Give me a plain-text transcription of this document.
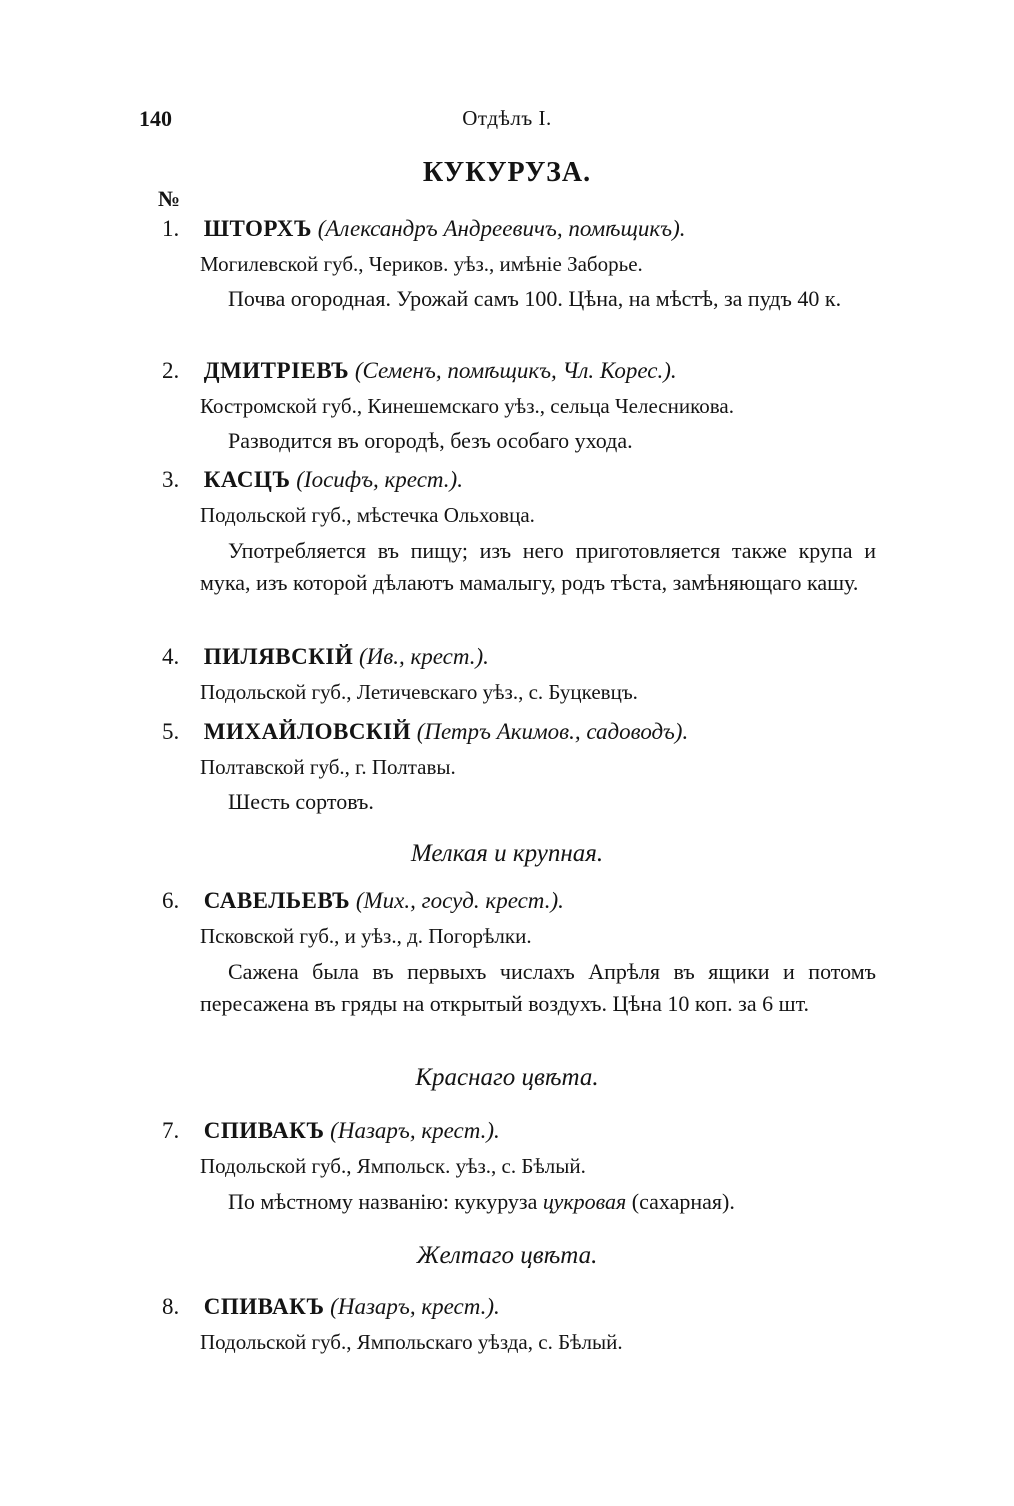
140	Отдѣлъ I.
КУКУРУЗА.
№
1. ШТОРХЪ (Александръ Андреевичъ, помѣщикъ).
Могилевской губ., Чериков. уѣз., имѣніе Заборье.

Почва огородная. Урожай самъ 100. Цѣна, на мѣстѣ, за пудъ 40 к.

2. ДМИТРІЕВЪ (Семенъ, помѣщикъ, Чл. Корес.).
Костромской губ., Кинешемскаго уѣз., сельца Челесникова.

Разводится въ огородѣ, безъ особаго ухода.

3. КАСЦЪ (Іосифъ, крест.).
Подольской губ., мѣстечка Ольховца.

Употребляется въ пищу; изъ него приготовляется также крупа и мука, изъ которой дѣлаютъ мамалыгу, родъ тѣста, замѣняющаго кашу.

4. ПИЛЯВСКІЙ (Ив., крест.).
Подольской губ., Летичевскаго уѣз., с. Буцкевцъ.
5. МИХАЙЛОВСКІЙ (Петръ Акимов., садоводъ).
Полтавской губ., г. Полтавы.

Шесть сортовъ.

Мелкая и крупная.
6. САВЕЛЬЕВЪ (Мих., госуд. крест.).
Псковской губ., и уѣз., д. Погорѣлки.

Сажена была въ первыхъ числахъ Апрѣля въ ящики и потомъ пересажена въ гряды на открытый воздухъ. Цѣна 10 коп. за 6 шт.

Краснаго цвѣта.
7. СПИВАКЪ (Назаръ, крест.).
Подольской губ., Ямпольск. уѣз., с. Бѣлый.

По мѣстному названію: кукуруза цукровая (сахарная).

Желтаго цвѣта.
8. СПИВАКЪ (Назаръ, крест.).
Подольской губ., Ямпольскаго уѣзда, с. Бѣлый.
